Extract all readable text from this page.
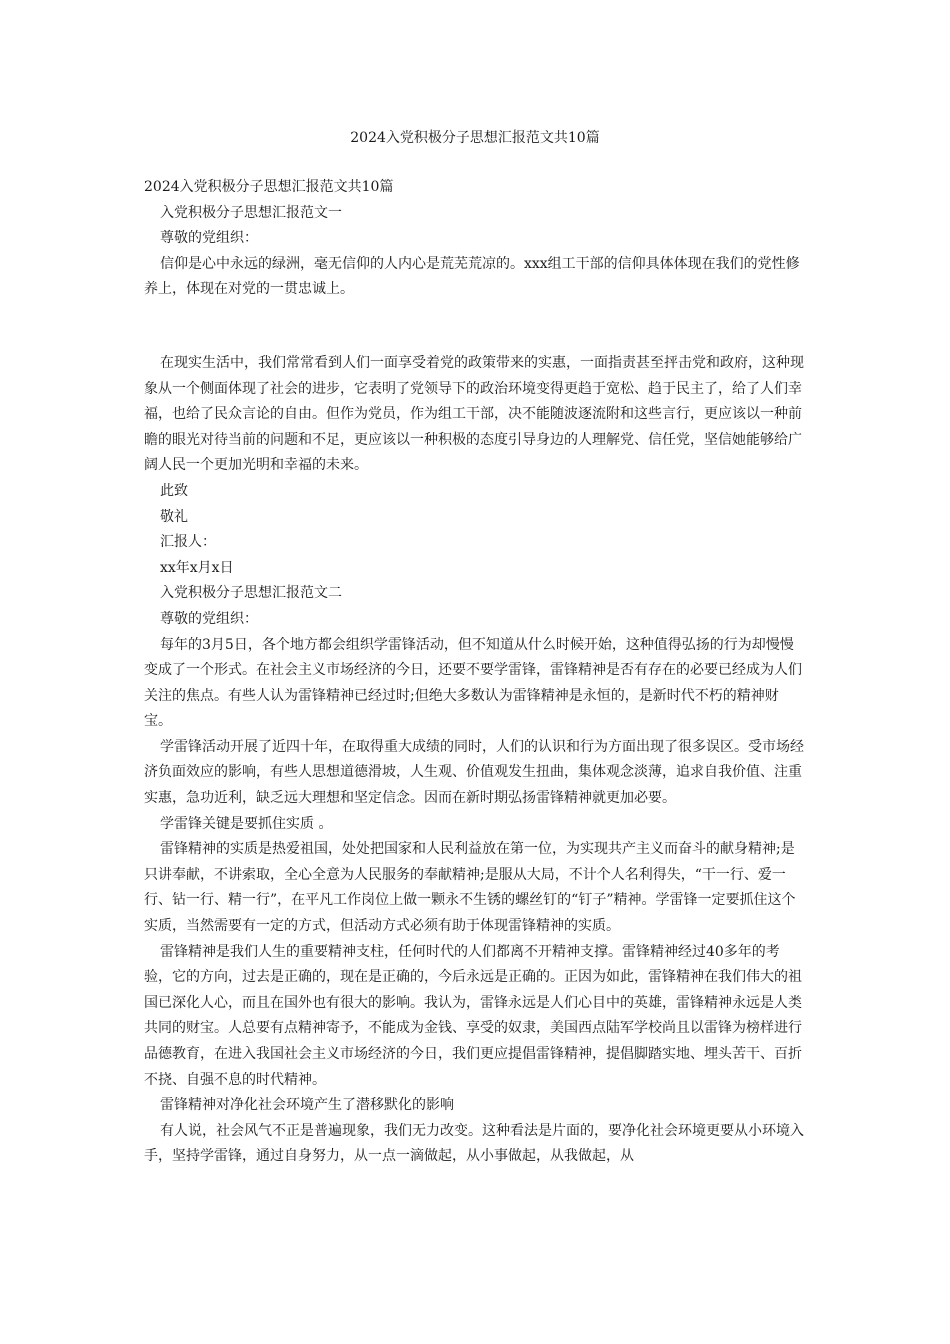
2024入党积极分子思想汇报范文共10篇

2024入党积极分子思想汇报范文共10篇

入党积极分子思想汇报范文一

尊敬的党组织：

信仰是心中永远的绿洲，毫无信仰的人内心是荒芜荒凉的。xxx组工干部的信仰具体体现在我们的党性修养上，体现在对党的一贯忠诚上。

在现实生活中，我们常常看到人们一面享受着党的政策带来的实惠，一面指责甚至抨击党和政府，这种现象从一个侧面体现了社会的进步，它表明了党领导下的政治环境变得更趋于宽松、趋于民主了，给了人们幸福，也给了民众言论的自由。但作为党员，作为组工干部，决不能随波逐流附和这些言行，更应该以一种前瞻的眼光对待当前的问题和不足，更应该以一种积极的态度引导身边的人理解党、信任党，坚信她能够给广阔人民一个更加光明和幸福的未来。

此致

敬礼

汇报人：

xx年x月x日

入党积极分子思想汇报范文二

尊敬的党组织：

每年的3月5日，各个地方都会组织学雷锋活动，但不知道从什么时候开始，这种值得弘扬的行为却慢慢变成了一个形式。在社会主义市场经济的今日，还要不要学雷锋，雷锋精神是否有存在的必要已经成为人们关注的焦点。有些人认为雷锋精神已经过时;但绝大多数认为雷锋精神是永恒的，是新时代不朽的精神财宝。

学雷锋活动开展了近四十年，在取得重大成绩的同时，人们的认识和行为方面出现了很多误区。受市场经济负面效应的影响，有些人思想道德滑坡，人生观、价值观发生扭曲，集体观念淡薄，追求自我价值、注重实惠，急功近利，缺乏远大理想和坚定信念。因而在新时期弘扬雷锋精神就更加必要。

学雷锋关键是要抓住实质 。

雷锋精神的实质是热爱祖国，处处把国家和人民利益放在第一位，为实现共产主义而奋斗的献身精神;是只讲奉献，不讲索取，全心全意为人民服务的奉献精神;是服从大局，不计个人名利得失，“干一行、爱一行、钻一行、精一行”，在平凡工作岗位上做一颗永不生锈的螺丝钉的“钉子”精神。学雷锋一定要抓住这个实质，当然需要有一定的方式，但活动方式必须有助于体现雷锋精神的实质。

雷锋精神是我们人生的重要精神支柱，任何时代的人们都离不开精神支撑。雷锋精神经过40多年的考验，它的方向，过去是正确的，现在是正确的，今后永远是正确的。正因为如此，雷锋精神在我们伟大的祖国已深化人心，而且在国外也有很大的影响。我认为，雷锋永远是人们心目中的英雄，雷锋精神永远是人类共同的财宝。人总要有点精神寄予，不能成为金钱、享受的奴隶，美国西点陆军学校尚且以雷锋为榜样进行品德教育，在进入我国社会主义市场经济的今日，我们更应提倡雷锋精神，提倡脚踏实地、埋头苦干、百折不挠、自强不息的时代精神。

雷锋精神对净化社会环境产生了潜移默化的影响

有人说，社会风气不正是普遍现象，我们无力改变。这种看法是片面的，要净化社会环境更要从小环境入手，坚持学雷锋，通过自身努力，从一点一滴做起，从小事做起，从我做起，从
